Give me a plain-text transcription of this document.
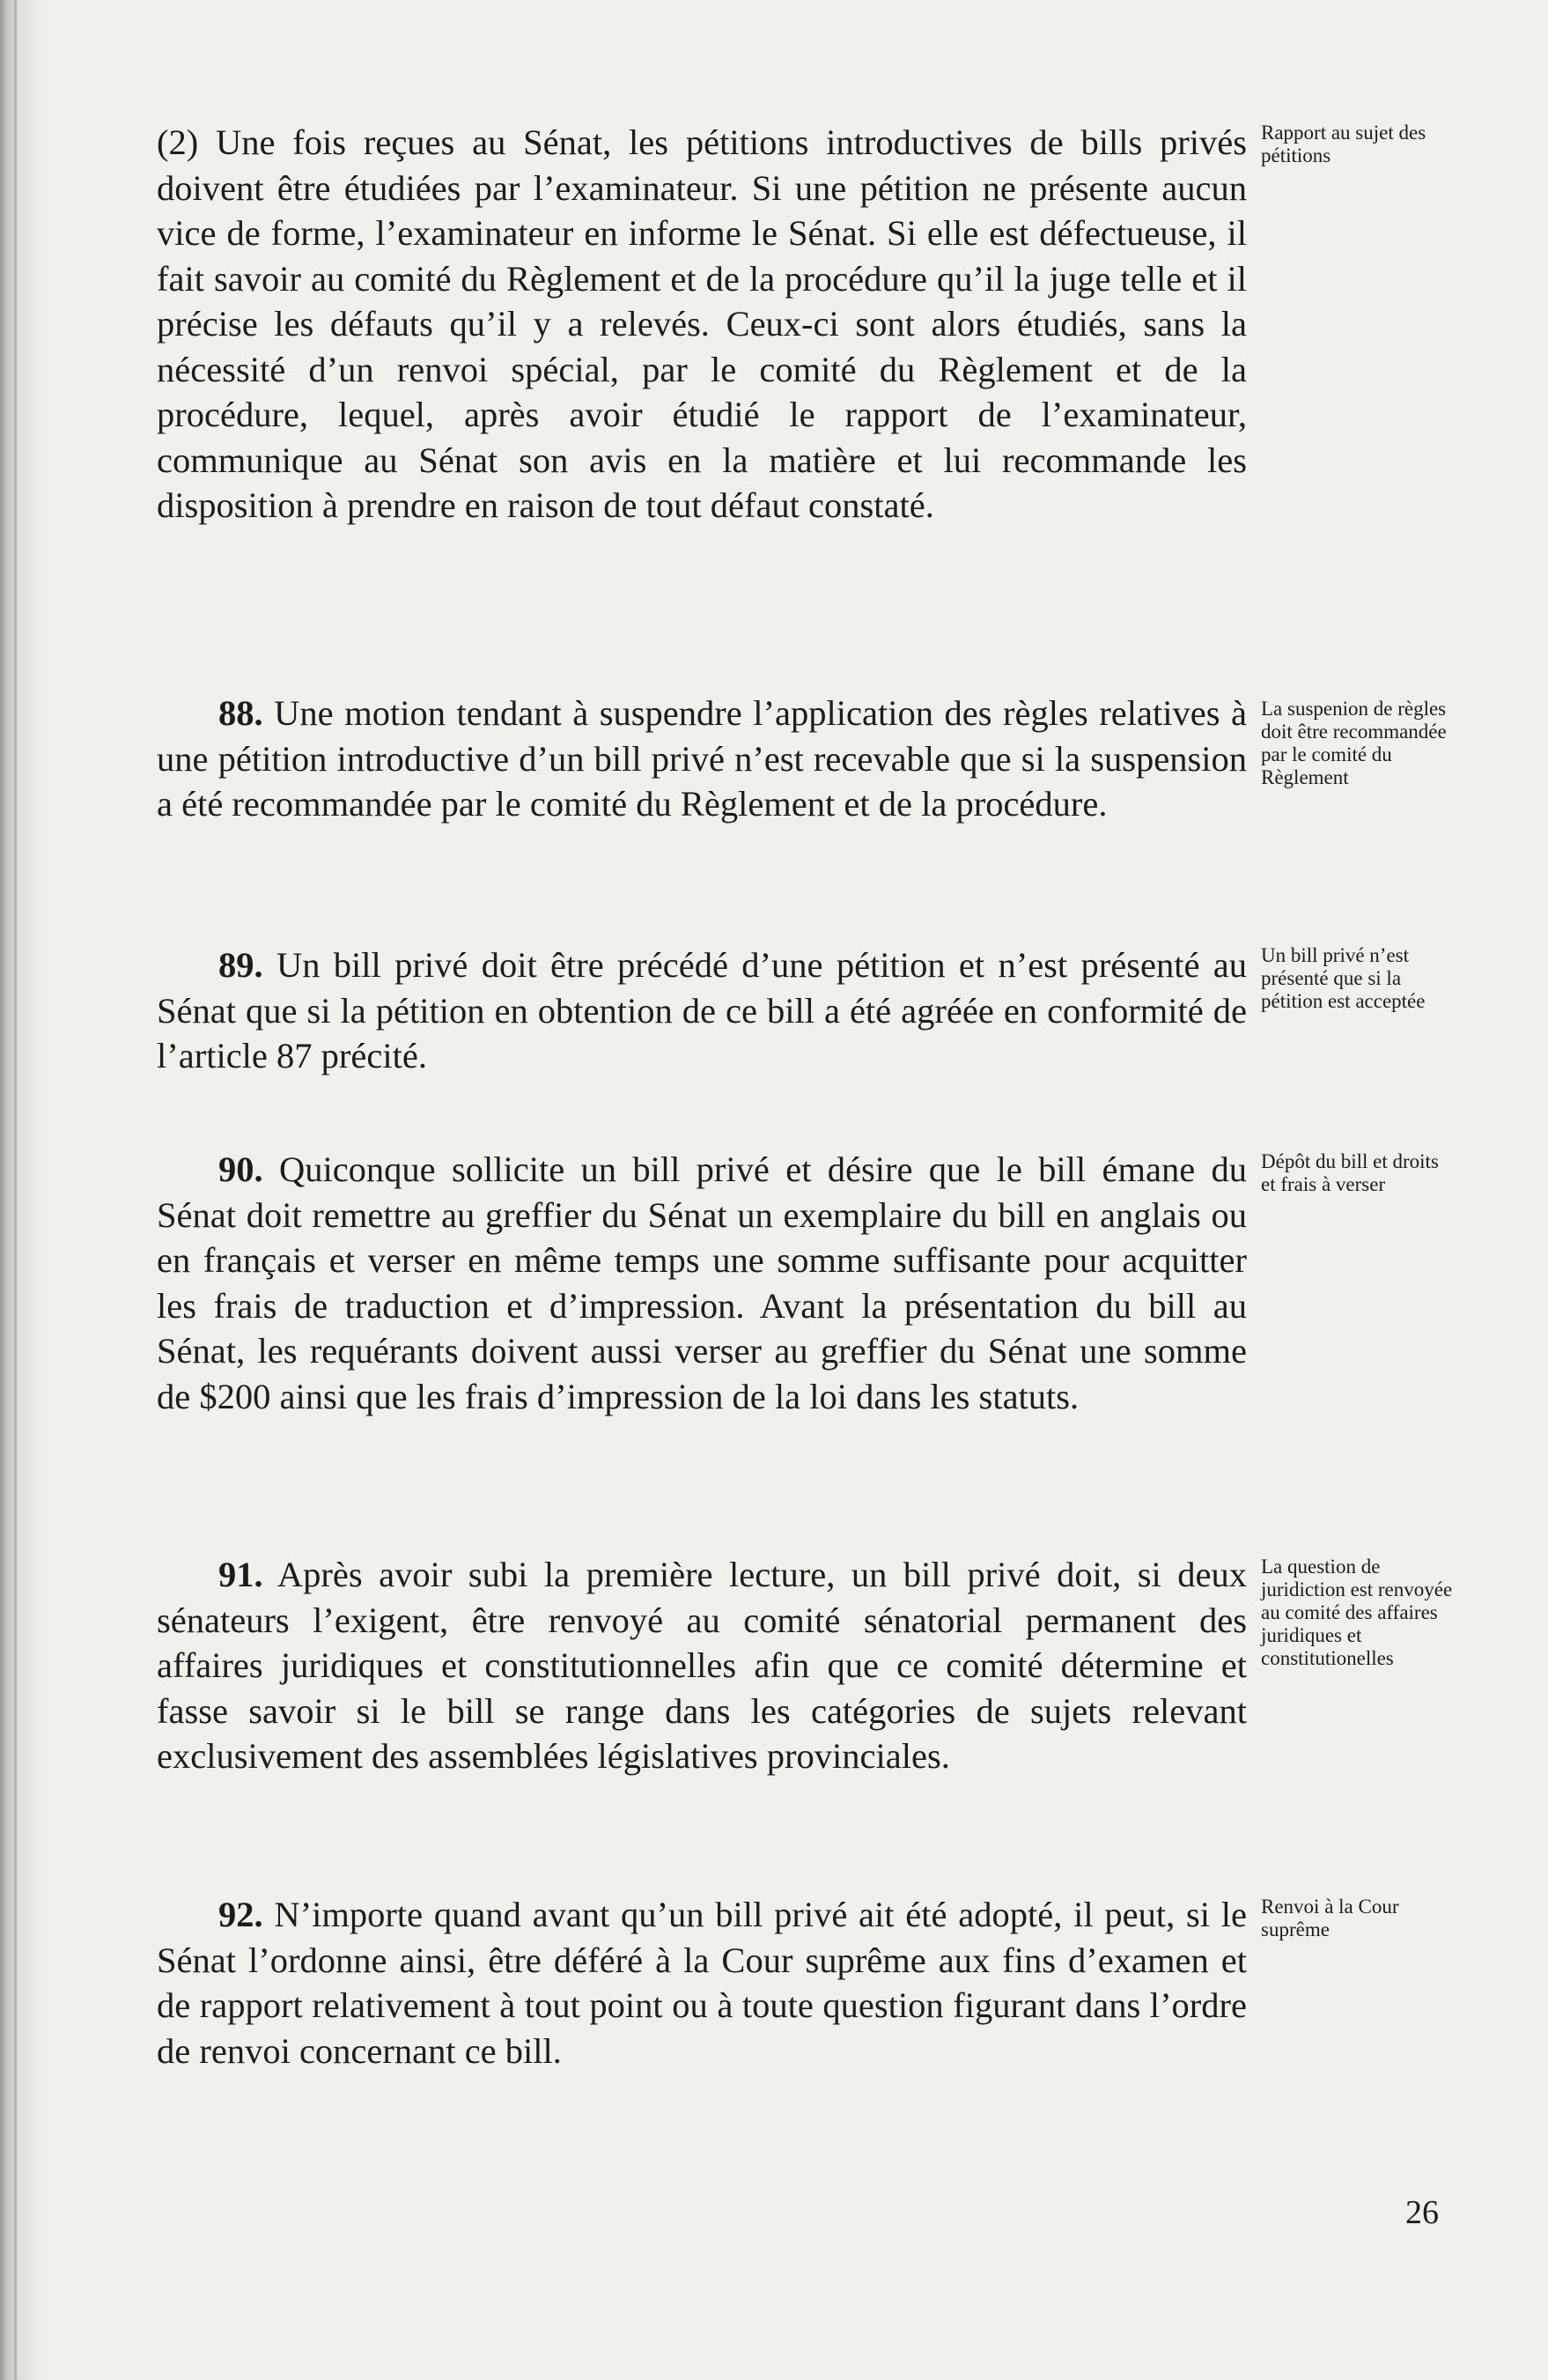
(2) Une fois reçues au Sénat, les pétitions introductives de bills privés doivent être étudiées par l’examinateur. Si une pétition ne présente aucun vice de forme, l’examinateur en informe le Sénat. Si elle est défectueuse, il fait savoir au comité du Règlement et de la procédure qu’il la juge telle et il précise les défauts qu’il y a relevés. Ceux-ci sont alors étudiés, sans la nécessité d’un renvoi spécial, par le comité du Règlement et de la procédure, lequel, après avoir étudié le rapport de l’examinateur, communique au Sénat son avis en la matière et lui recommande les disposition à prendre en raison de tout défaut constaté.

Rapport au sujet des pétitions

88. Une motion tendant à suspendre l’application des règles relatives à une pétition introductive d’un bill privé n’est recevable que si la suspension a été recommandée par le comité du Règlement et de la procédure.

La suspenion de règles doit être recommandée par le comité du Règlement

89. Un bill privé doit être précédé d’une pétition et n’est présenté au Sénat que si la pétition en obtention de ce bill a été agréée en conformité de l’article 87 précité.

Un bill privé n’est présenté que si la pétition est acceptée

90. Quiconque sollicite un bill privé et désire que le bill émane du Sénat doit remettre au greffier du Sénat un exemplaire du bill en anglais ou en français et verser en même temps une somme suffisante pour acquitter les frais de traduction et d’impression. Avant la présentation du bill au Sénat, les requérants doivent aussi verser au greffier du Sénat une somme de $200 ainsi que les frais d’impression de la loi dans les statuts.

Dépôt du bill et droits et frais à verser

91. Après avoir subi la première lecture, un bill privé doit, si deux sénateurs l’exigent, être renvoyé au comité sénatorial permanent des affaires juridiques et constitutionnelles afin que ce comité détermine et fasse savoir si le bill se range dans les catégories de sujets relevant exclusivement des assemblées législatives provinciales.

La question de juridiction est renvoyée au comité des affaires juridiques et constitutionelles

92. N’importe quand avant qu’un bill privé ait été adopté, il peut, si le Sénat l’ordonne ainsi, être déféré à la Cour suprême aux fins d’examen et de rapport relativement à tout point ou à toute question figurant dans l’ordre de renvoi concernant ce bill.

Renvoi à la Cour suprême

26
